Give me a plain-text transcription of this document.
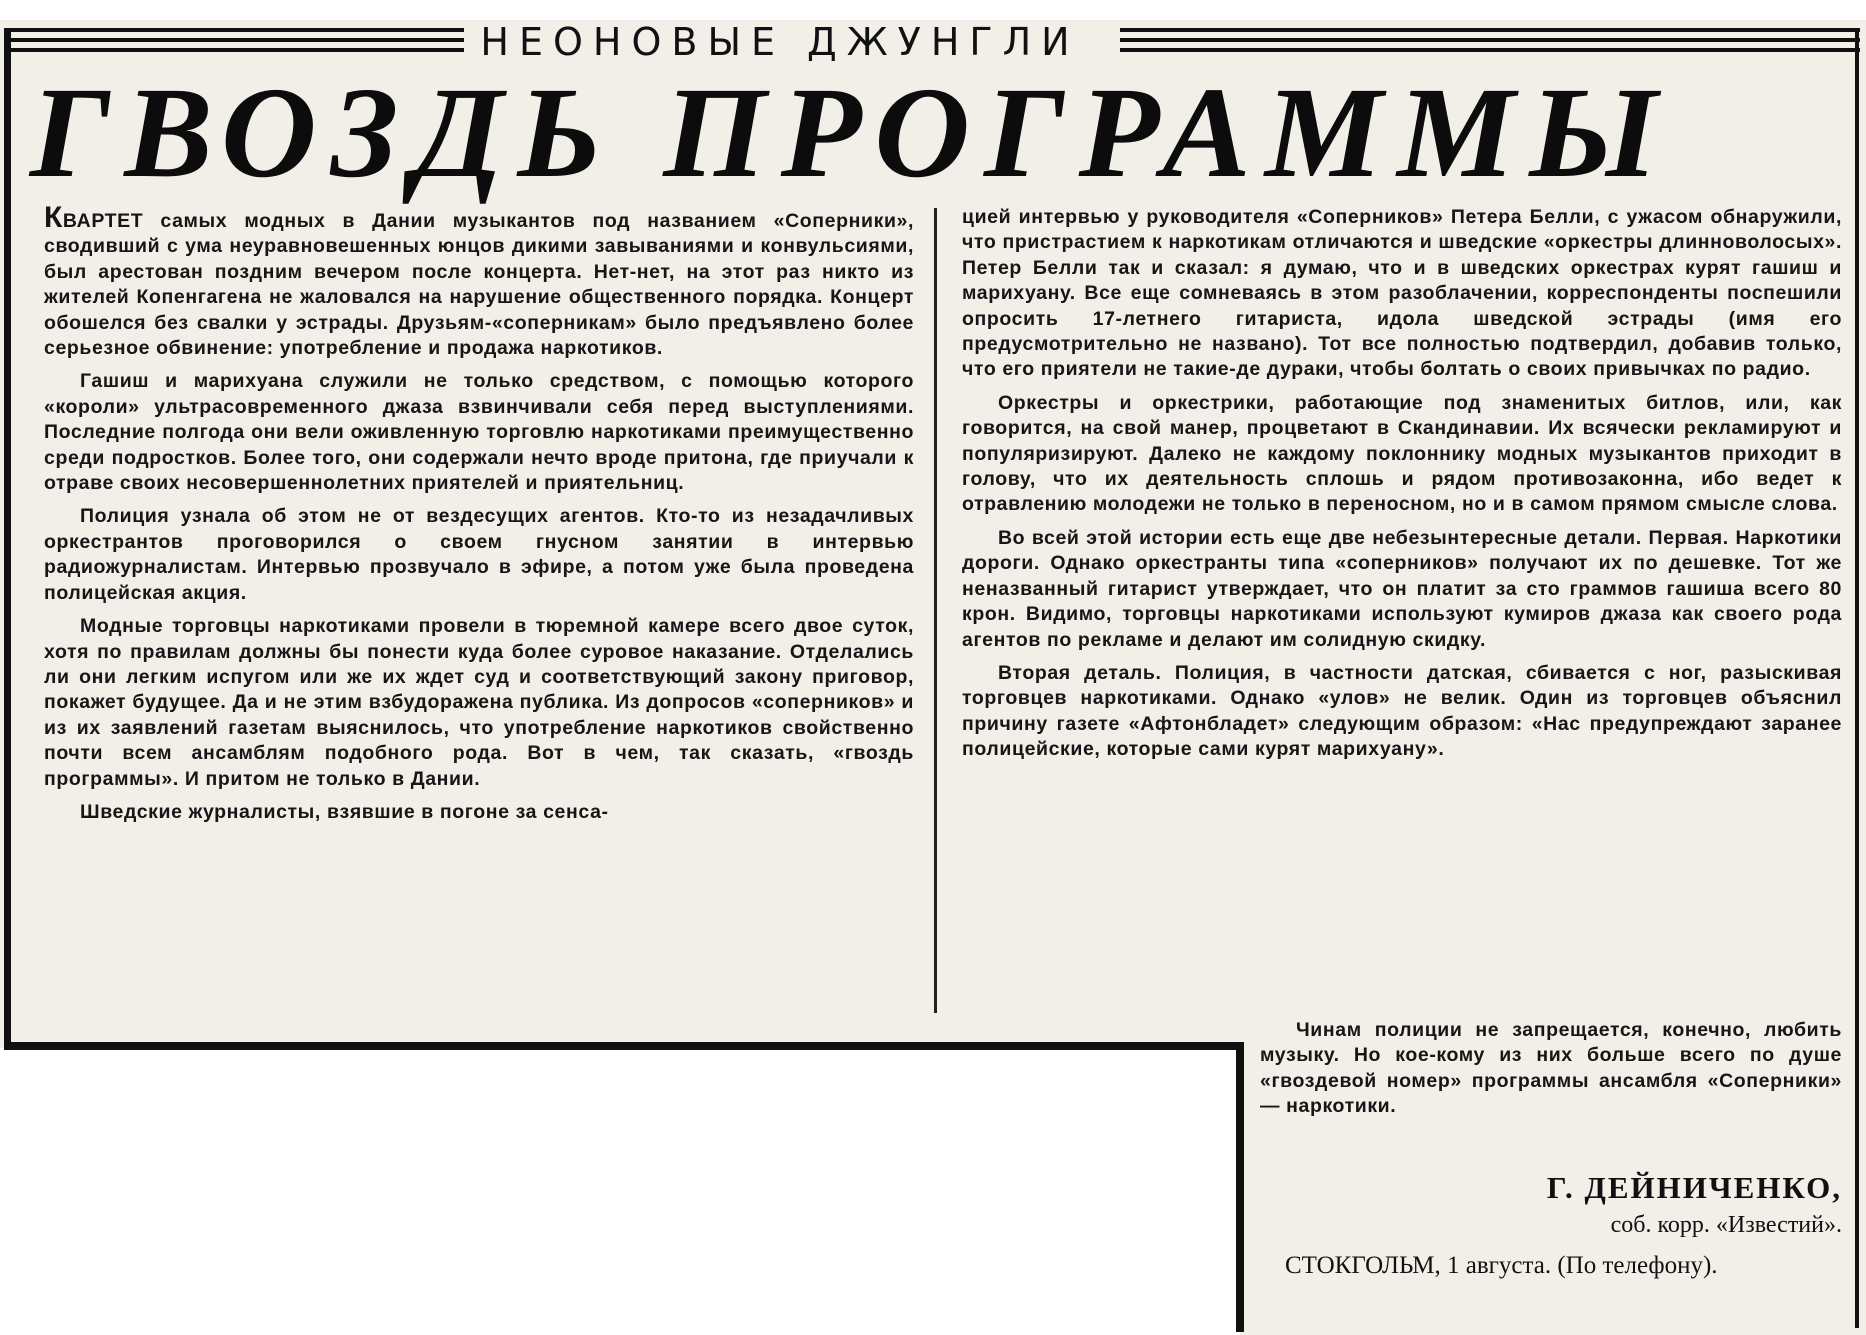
НЕОНОВЫЕ ДЖУНГЛИ
ГВОЗДЬ ПРОГРАММЫ

КВАРТЕТ самых модных в Дании музыкантов под названием «Соперники», сводивший с ума неуравновешенных юнцов дикими завываниями и конвульсиями, был арестован поздним вечером после концерта. Нет-нет, на этот раз никто из жителей Копенгагена не жаловался на нарушение общественного порядка. Концерт обошелся без свалки у эстрады. Друзьям-«соперникам» было предъявлено более серьезное обвинение: употребление и продажа наркотиков.

Гашиш и марихуана служили не только средством, с помощью которого «короли» ультрасовременного джаза взвинчивали себя перед выступлениями. Последние полгода они вели оживленную торговлю наркотиками преимущественно среди подростков. Более того, они содержали нечто вроде притона, где приучали к отраве своих несовершеннолетних приятелей и приятельниц.

Полиция узнала об этом не от вездесущих агентов. Кто-то из незадачливых оркестрантов проговорился о своем гнусном занятии в интервью радиожурналистам. Интервью прозвучало в эфире, а потом уже была проведена полицейская акция.

Модные торговцы наркотиками провели в тюремной камере всего двое суток, хотя по правилам должны бы понести куда более суровое наказание. Отделались ли они легким испугом или же их ждет суд и соответствующий закону приговор, покажет будущее. Да и не этим взбудоражена публика. Из допросов «соперников» и из их заявлений газетам выяснилось, что употребление наркотиков свойственно почти всем ансамблям подобного рода. Вот в чем, так сказать, «гвоздь программы». И притом не только в Дании.

Шведские журналисты, взявшие в погоне за сенса-

цией интервью у руководителя «Соперников» Петера Белли, с ужасом обнаружили, что пристрастием к наркотикам отличаются и шведские «оркестры длинноволосых». Петер Белли так и сказал: я думаю, что и в шведских оркестрах курят гашиш и марихуану. Все еще сомневаясь в этом разоблачении, корреспонденты поспешили опросить 17-летнего гитариста, идола шведской эстрады (имя его предусмотрительно не названо). Тот все полностью подтвердил, добавив только, что его приятели не такие-де дураки, чтобы болтать о своих привычках по радио.

Оркестры и оркестрики, работающие под знаменитых битлов, или, как говорится, на свой манер, процветают в Скандинавии. Их всячески рекламируют и популяризируют. Далеко не каждому поклоннику модных музыкантов приходит в голову, что их деятельность сплошь и рядом противозаконна, ибо ведет к отравлению молодежи не только в переносном, но и в самом прямом смысле слова.

Во всей этой истории есть еще две небезынтересные детали. Первая. Наркотики дороги. Однако оркестранты типа «соперников» получают их по дешевке. Тот же неназванный гитарист утверждает, что он платит за сто граммов гашиша всего 80 крон. Видимо, торговцы наркотиками используют кумиров джаза как своего рода агентов по рекламе и делают им солидную скидку.

Вторая деталь. Полиция, в частности датская, сбивается с ног, разыскивая торговцев наркотиками. Однако «улов» не велик. Один из торговцев объяснил причину газете «Афтонбладет» следующим образом: «Нас предупреждают заранее полицейские, которые сами курят марихуану».

Чинам полиции не запрещается, конечно, любить музыку. Но кое-кому из них больше всего по душе «гвоздевой номер» программы ансамбля «Соперники» — наркотики.

Г. ДЕЙНИЧЕНКО,
соб. корр. «Известий».
СТОКГОЛЬМ, 1 августа. (По телефону).
